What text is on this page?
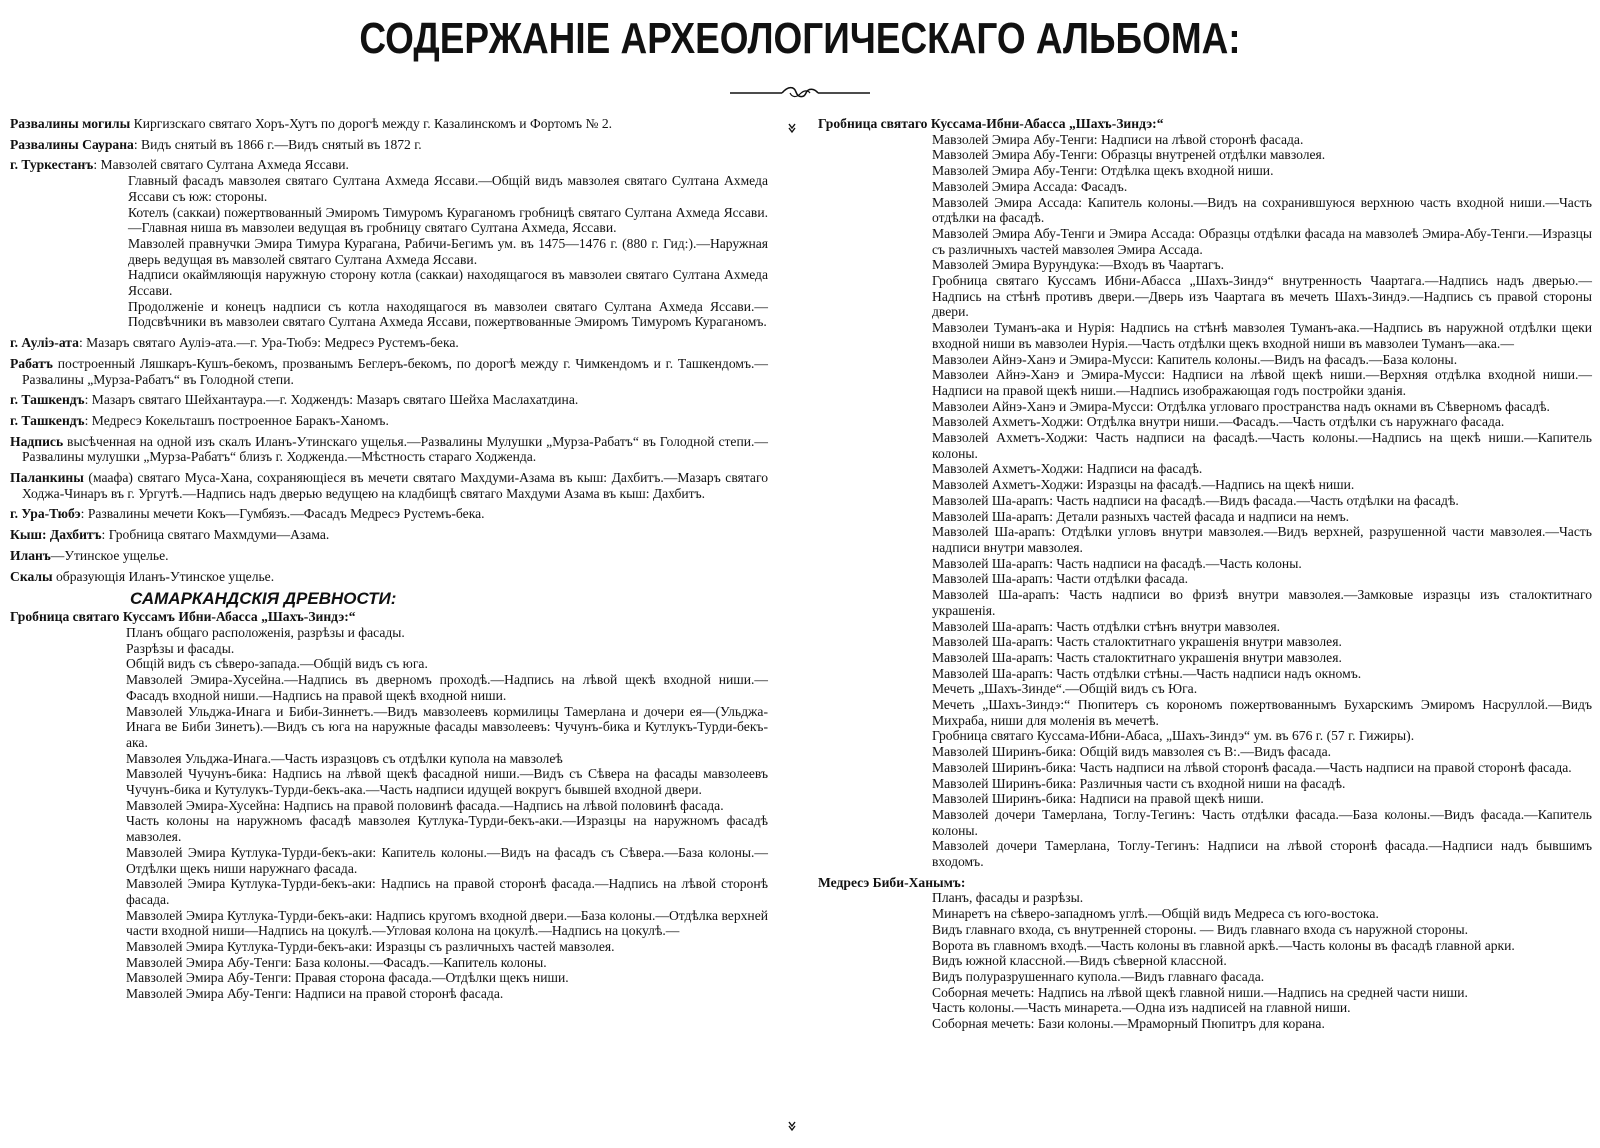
СОДЕРЖАНІЕ АРХЕОЛОГИЧЕСКАГО АЛЬБОМА:
Развалины могилы Киргизскаго святаго Хоръ-Хутъ по дорогѣ между г. Казалинскомъ и Фортомъ № 2.
Развалины Саурана: Видъ снятый въ 1866 г.—Видъ снятый въ 1872 г.
г. Туркестанъ: Мавзолей святаго Султана Ахмеда Яссави.
Главный фасадъ мавзолея святаго Султана Ахмеда Яссави.—Общій видъ мавзолея святаго Султана Ахмеда Яссави съ юж: стороны.
Котелъ (саккаи) пожертвованный Эмиромъ Тимуромъ Кураганомъ гробницѣ святаго Султана Ахмеда Яссави.—Главная ниша въ мавзолеи ведущая въ гробницу святаго Султана Ахмеда, Яссави.
Мавзолей правнучки Эмира Тимура Курагана, Рабичи-Бегимъ ум. въ 1475—1476 г. (880 г. Гид:).—Наружная дверь ведущая въ мавзолей святаго Султана Ахмеда Яссави.
Надписи окаймляющія наружную сторону котла (саккаи) находящагося въ мавзолеи святаго Султана Ахмеда Яссави.
Продолженіе и конецъ надписи съ котла находящагося въ мавзолеи святаго Султана Ахмеда Яссави.—Подсвѣчники въ мавзолеи святаго Султана Ахмеда Яссави, пожертвованные Эмиромъ Тимуромъ Кураганомъ.
г. Ауліэ-ата: Мазаръ святаго Ауліэ-ата.—г. Ура-Тюбэ: Медресэ Рустемъ-бека.
Рабатъ построенный Ляшкаръ-Кушъ-бекомъ, прозванымъ Беглеръ-бекомъ, по дорогѣ между г. Чимкендомъ и г. Ташкендомъ.—Развалины „Мурза-Рабатъ“ въ Голодной степи.
г. Ташкендъ: Мазаръ святаго Шейхантаура.—г. Ходжендъ: Мазаръ святаго Шейха Маслахатдина.
г. Ташкендъ: Медресэ Кокельташъ построенное Баракъ-Ханомъ.
Надпись высѣченная на одной изъ скалъ Иланъ-Утинскаго ущелья.—Развалины Мулушки „Мурза-Рабатъ“ въ Голодной степи.—Развалины мулушки „Мурза-Рабатъ“ близъ г. Ходженда.—Мѣстность стараго Ходженда.
Паланкины (маафа) святаго Муса-Хана, сохраняющіеся въ мечети святаго Махдуми-Азама въ кыш: Дахбитъ.—Мазаръ святаго Ходжа-Чинаръ въ г. Ургутѣ.—Надпись надъ дверью ведущею на кладбищѣ святаго Махдуми Азама въ кыш: Дахбитъ.
г. Ура-Тюбэ: Развалины мечети Кокъ—Гумбязъ.—Фасадъ Медресэ Рустемъ-бека.
Кыш: Дахбитъ: Гробница святаго Махмдуми—Азама.
Иланъ—Утинское ущелье.
Скалы образующія Иланъ-Утинское ущелье.
САМАРКАНДСКІЯ ДРЕВНОСТИ:
Гробница святаго Куссамъ Ибни-Абасса „Шахъ-Зиндэ:“
Планъ общаго расположенія, разрѣзы и фасады.
Разрѣзы и фасады.
Общій видъ съ сѣверо-запада.—Общій видъ съ юга.
Мавзолей Эмира-Хусейна.—Надпись въ дверномъ проходѣ.—Надпись на лѣвой щекѣ входной ниши.—Фасадъ входной ниши.—Надпись на правой щекѣ входной ниши.
Мавзолей Ульджа-Инага и Биби-Зиннетъ.—Видъ мавзолеевъ кормилицы Тамерлана и дочери ея—(Ульджа-Инага ве Биби Зинетъ).—Видъ съ юга на наружные фасады мавзолеевъ: Чучунъ-бика и Кутлукъ-Турди-бекъ-ака.
Мавзолея Ульджа-Инага.—Часть изразцовъ съ отдѣлки купола на мавзолеѣ
Мавзолей Чучунъ-бика: Надпись на лѣвой щекѣ фасадной ниши.—Видъ съ Сѣвера на фасады мавзолеевъ Чучунъ-бика и Кутулукъ-Турди-бекъ-ака.—Часть надписи идущей вокругъ бывшей входной двери.
Мавзолей Эмира-Хусейна: Надпись на правой половинѣ фасада.—Надпись на лѣвой половинѣ фасада.
Часть колоны на наружномъ фасадѣ мавзолея Кутлука-Турди-бекъ-аки.—Изразцы на наружномъ фасадѣ мавзолея.
Мавзолей Эмира Кутлука-Турди-бекъ-аки: Капитель колоны.—Видъ на фасадъ съ Сѣвера.—База колоны.—Отдѣлки щекъ ниши наружнаго фасада.
Мавзолей Эмира Кутлука-Турди-бекъ-аки: Надпись на правой сторонѣ фасада.—Надпись на лѣвой сторонѣ фасада.
Мавзолей Эмира Кутлука-Турди-бекъ-аки: Надпись кругомъ входной двери.—База колоны.—Отдѣлка верхней части входной ниши—Надпись на цокулѣ.—Угловая колона на цокулѣ.—Надпись на цокулѣ.—
Мавзолей Эмира Кутлука-Турди-бекъ-аки: Изразцы съ различныхъ частей мавзолея.
Мавзолей Эмира Абу-Тенги: База колоны.—Фасадъ.—Капитель колоны.
Мавзолей Эмира Абу-Тенги: Правая сторона фасада.—Отдѣлки щекъ ниши.
Мавзолей Эмира Абу-Тенги: Надписи на правой сторонѣ фасада.
Гробница святаго Куссама-Ибни-Абасса „Шахъ-Зиндэ:“
Мавзолей Эмира Абу-Тенги: Надписи на лѣвой сторонѣ фасада.
Мавзолей Эмира Абу-Тенги: Образцы внутреней отдѣлки мавзолея.
Мавзолей Эмира Абу-Тенги: Отдѣлка щекъ входной ниши.
Мавзолей Эмира Ассада: Фасадъ.
Мавзолей Эмира Ассада: Капитель колоны.—Видъ на сохранившуюся верхнюю часть входной ниши.—Часть отдѣлки на фасадѣ.
Мавзолей Эмира Абу-Тенги и Эмира Ассада: Образцы отдѣлки фасада на мавзолеѣ Эмира-Абу-Тенги.—Изразцы съ различныхъ частей мавзолея Эмира Ассада.
Мавзолей Эмира Вурундука:—Входъ въ Чаартагъ.
Гробница святаго Куссамъ Ибни-Абасса „Шахъ-Зиндэ“ внутренность Чаартага.—Надпись надъ дверью.—Надпись на стѣнѣ противъ двери.—Дверь изъ Чаартага въ мечеть Шахъ-Зиндэ.—Надпись съ правой стороны двери.
Мавзолеи Туманъ-ака и Нурія: Надпись на стѣнѣ мавзолея Туманъ-ака.—Надпись въ наружной отдѣлки щеки входной ниши въ мавзолеи Нурія.—Часть отдѣлки щекъ входной ниши въ мавзолеи Туманъ—ака.—
Мавзолеи Айнэ-Ханэ и Эмира-Мусси: Капитель колоны.—Видъ на фасадъ.—База колоны.
Мавзолеи Айнэ-Ханэ и Эмира-Мусси: Надписи на лѣвой щекѣ ниши.—Верхняя отдѣлка входной ниши.—Надписи на правой щекѣ ниши.—Надпись изображающая годъ постройки зданія.
Мавзолеи Айнэ-Ханэ и Эмира-Мусси: Отдѣлка угловаго пространства надъ окнами въ Сѣверномъ фасадѣ.
Мавзолей Ахметъ-Ходжи: Отдѣлка внутри ниши.—Фасадъ.—Часть отдѣлки съ наружнаго фасада.
Мавзолей Ахметъ-Ходжи: Часть надписи на фасадѣ.—Часть колоны.—Надпись на щекѣ ниши.—Капитель колоны.
Мавзолей Ахметъ-Ходжи: Надписи на фасадѣ.
Мавзолей Ахметъ-Ходжи: Изразцы на фасадѣ.—Надпись на щекѣ ниши.
Мавзолей Ша-арапъ: Часть надписи на фасадѣ.—Видъ фасада.—Часть отдѣлки на фасадѣ.
Мавзолей Ша-арапъ: Детали разныхъ частей фасада и надписи на немъ.
Мавзолей Ша-арапъ: Отдѣлки угловъ внутри мавзолея.—Видъ верхней, разрушенной части мавзолея.—Часть надписи внутри мавзолея.
Мавзолей Ша-арапъ: Часть надписи на фасадѣ.—Часть колоны.
Мавзолей Ша-арапъ: Части отдѣлки фасада.
Мавзолей Ша-арапъ: Часть надписи во фризѣ внутри мавзолея.—Замковые изразцы изъ сталоктитнаго украшенія.
Мавзолей Ша-арапъ: Часть отдѣлки стѣнъ внутри мавзолея.
Мавзолей Ша-арапъ: Часть сталоктитнаго украшенія внутри мавзолея.
Мавзолей Ша-арапъ: Часть сталоктитнаго украшенія внутри мавзолея.
Мавзолей Ша-арапъ: Часть отдѣлки стѣны.—Часть надписи надъ окномъ.
Мечеть „Шахъ-Зинде“.—Общій видъ съ Юга.
Мечеть „Шахъ-Зиндэ:“ Пюпитеръ съ корономъ пожертвованнымъ Бухарскимъ Эмиромъ Насруллой.—Видъ Михраба, ниши для моленія въ мечетѣ.
Гробница святаго Куссама-Ибни-Абаса, „Шахъ-Зиндэ“ ум. въ 676 г. (57 г. Гижиры).
Мавзолей Ширинъ-бика: Общій видъ мавзолея съ В:.—Видъ фасада.
Мавзолей Ширинъ-бика: Часть надписи на лѣвой сторонѣ фасада.—Часть надписи на правой сторонѣ фасада.
Мавзолей Ширинъ-бика: Различныя части съ входной ниши на фасадѣ.
Мавзолей Ширинъ-бика: Надписи на правой щекѣ ниши.
Мавзолей дочери Тамерлана, Тоглу-Тегинъ: Часть отдѣлки фасада.—База колоны.—Видъ фасада.—Капитель колоны.
Мавзолей дочери Тамерлана, Тоглу-Тегинъ: Надписи на лѣвой сторонѣ фасада.—Надписи надъ бывшимъ входомъ.
Медресэ Биби-Ханымъ:
Планъ, фасады и разрѣзы.
Минаретъ на сѣверо-западномъ углѣ.—Общій видъ Медреса съ юго-востока.
Видъ главнаго входа, съ внутренней стороны. — Видъ главнаго входа съ наружной стороны.
Ворота въ главномъ входѣ.—Часть колоны въ главной аркѣ.—Часть колоны въ фасадѣ главной арки.
Видъ южной классной.—Видъ сѣверной классной.
Видъ полуразрушеннаго купола.—Видъ главнаго фасада.
Соборная мечеть: Надпись на лѣвой щекѣ главной ниши.—Надпись на средней части ниши.
Часть колоны.—Часть минарета.—Одна изъ надписей на главной ниши.
Соборная мечеть: Бази колоны.—Мраморный Пюпитръ для корана.
